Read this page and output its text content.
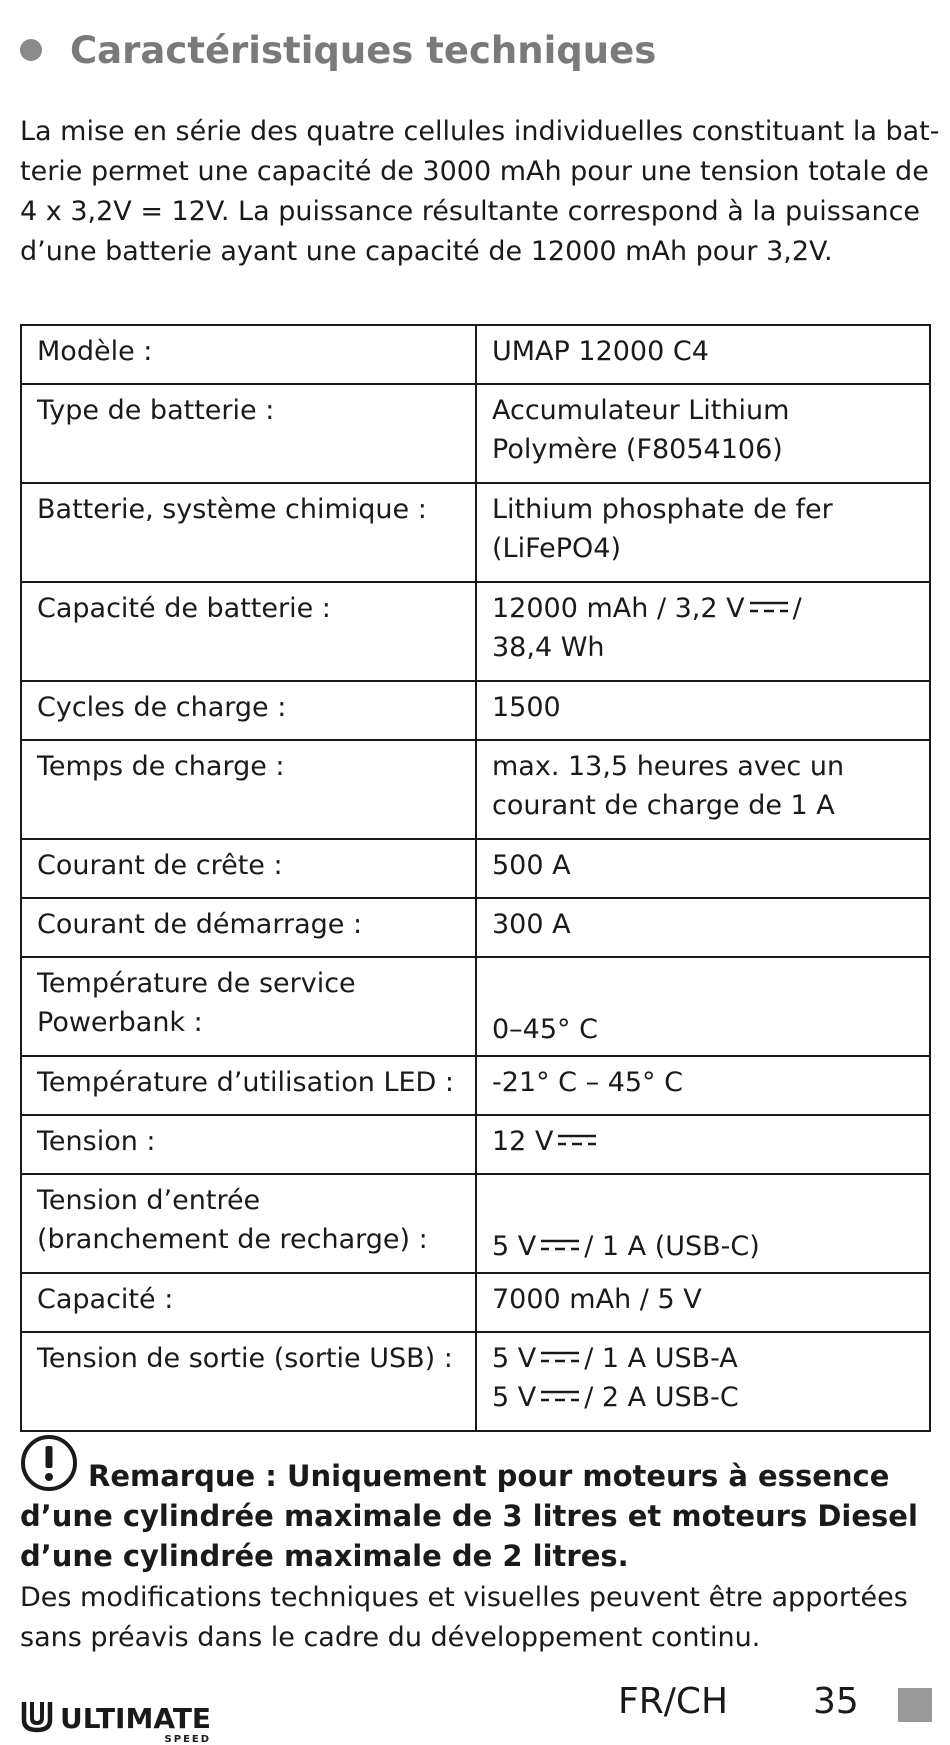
Caractéristiques techniques
La mise en série des quatre cellules individuelles constituant la bat-
terie permet une capacité de 3000 mAh pour une tension totale de
4 x 3,2V = 12V. La puissance résultante correspond à la puissance
d’une batterie ayant une capacité de 12000 mAh pour 3,2V.
Modèle :	UMAP 12000 C4

Type de batterie :	Accumulateur Lithium
Polymère (F8054106)

Batterie, système chimique :	Lithium phosphate de fer
(LiFePO4)

Capacité de batterie :	12000 mAh / 3,2 V /
38,4 Wh

Cycles de charge :	1500

Temps de charge :	max. 13,5 heures avec un
courant de charge de 1 A

Courant de crête :	500 A

Courant de démarrage :	300 A

Température de service
Powerbank :	0–45° C

Température d’utilisation LED :	-21° C – 45° C

Tension :	12 V

Tension d’entrée
(branchement de recharge) :	5 V / 1 A (USB-C)

Capacité :	7000 mAh / 5 V

Tension de sortie (sortie USB) :	5 V / 1 A USB-A
5 V / 2 A USB-C
Remarque : Uniquement pour moteurs à essence
d’une cylindrée maximale de 3 litres et moteurs Diesel
d’une cylindrée maximale de 2 litres.
Des modifications techniques et visuelles peuvent être apportées
sans préavis dans le cadre du développement continu.
ULTIMATE
SPEED
FR/CH 35
